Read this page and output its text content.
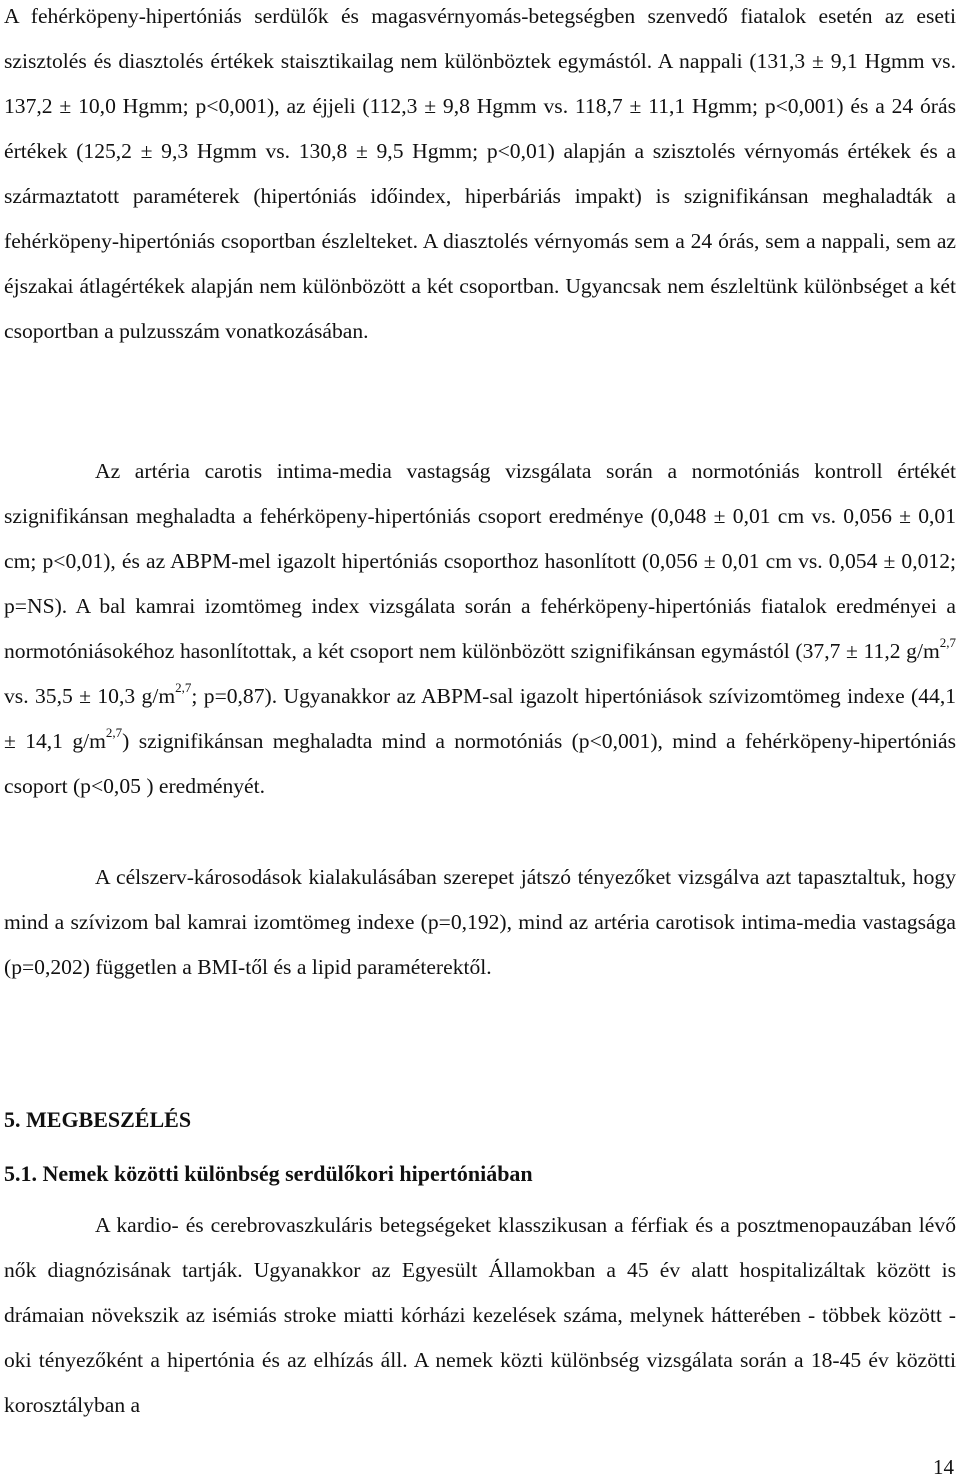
A fehérköpeny-hipertóniás serdülők és magasvérnyomás-betegségben szenvedő fiatalok esetén az eseti szisztolés és diasztolés értékek staisztikailag nem különböztek egymástól. A nappali (131,3 ± 9,1 Hgmm vs. 137,2 ± 10,0 Hgmm; p<0,001), az éjjeli (112,3 ± 9,8 Hgmm vs. 118,7 ± 11,1 Hgmm; p<0,001) és a 24 órás értékek (125,2 ± 9,3 Hgmm vs. 130,8 ± 9,5 Hgmm; p<0,01) alapján a szisztolés vérnyomás értékek és a származtatott paraméterek (hipertóniás időindex, hiperbáriás impakt) is szignifikánsan meghaladták a fehérköpeny-hipertóniás csoportban észlelteket. A diasztolés vérnyomás sem a 24 órás, sem a nappali, sem az éjszakai átlagértékek alapján nem különbözött a két csoportban. Ugyancsak nem észleltünk különbséget a két csoportban a pulzusszám vonatkozásában.

Az artéria carotis intima-media vastagság vizsgálata során a normotóniás kontroll értékét szignifikánsan meghaladta a fehérköpeny-hipertóniás csoport eredménye (0,048 ± 0,01 cm vs. 0,056 ± 0,01 cm; p<0,01), és az ABPM-mel igazolt hipertóniás csoporthoz hasonlított (0,056 ± 0,01 cm vs. 0,054 ± 0,012; p=NS). A bal kamrai izomtömeg index vizsgálata során a fehérköpeny-hipertóniás fiatalok eredményei a normotóniásokéhoz hasonlítottak, a két csoport nem különbözött szignifikánsan egymástól (37,7 ± 11,2 $g/m^{2,7}$ vs. 35,5 ± 10,3 $g/m^{2,7}$; p=0,87). Ugyanakkor az ABPM-sal igazolt hipertóniások szívizomtömeg indexe (44,1 ± 14,1 $g/m^{2,7}$) szignifikánsan meghaladta mind a normotóniás (p<0,001), mind a fehérköpeny-hipertóniás csoport (p<0,05 ) eredményét.

A célszerv-károsodások kialakulásában szerepet játszó tényezőket vizsgálva azt tapasztaltuk, hogy mind a szívizom bal kamrai izomtömeg indexe (p=0,192), mind az artéria carotisok intima-media vastagsága (p=0,202) független a BMI-től és a lipid paraméterektől.

5. MEGBESZÉLÉS
5.1. Nemek közötti különbség serdülőkori hipertóniában

A kardio- és cerebrovaszkuláris betegségeket klasszikusan a férfiak és a posztmenopauzában lévő nők diagnózisának tartják. Ugyanakkor az Egyesült Államokban a 45 év alatt hospitalizáltak között is drámaian növekszik az isémiás stroke miatti kórházi kezelések száma, melynek hátterében - többek között - oki tényezőként a hipertónia és az elhízás áll. A nemek közti különbség vizsgálata során a 18-45 év közötti korosztályban a

14
